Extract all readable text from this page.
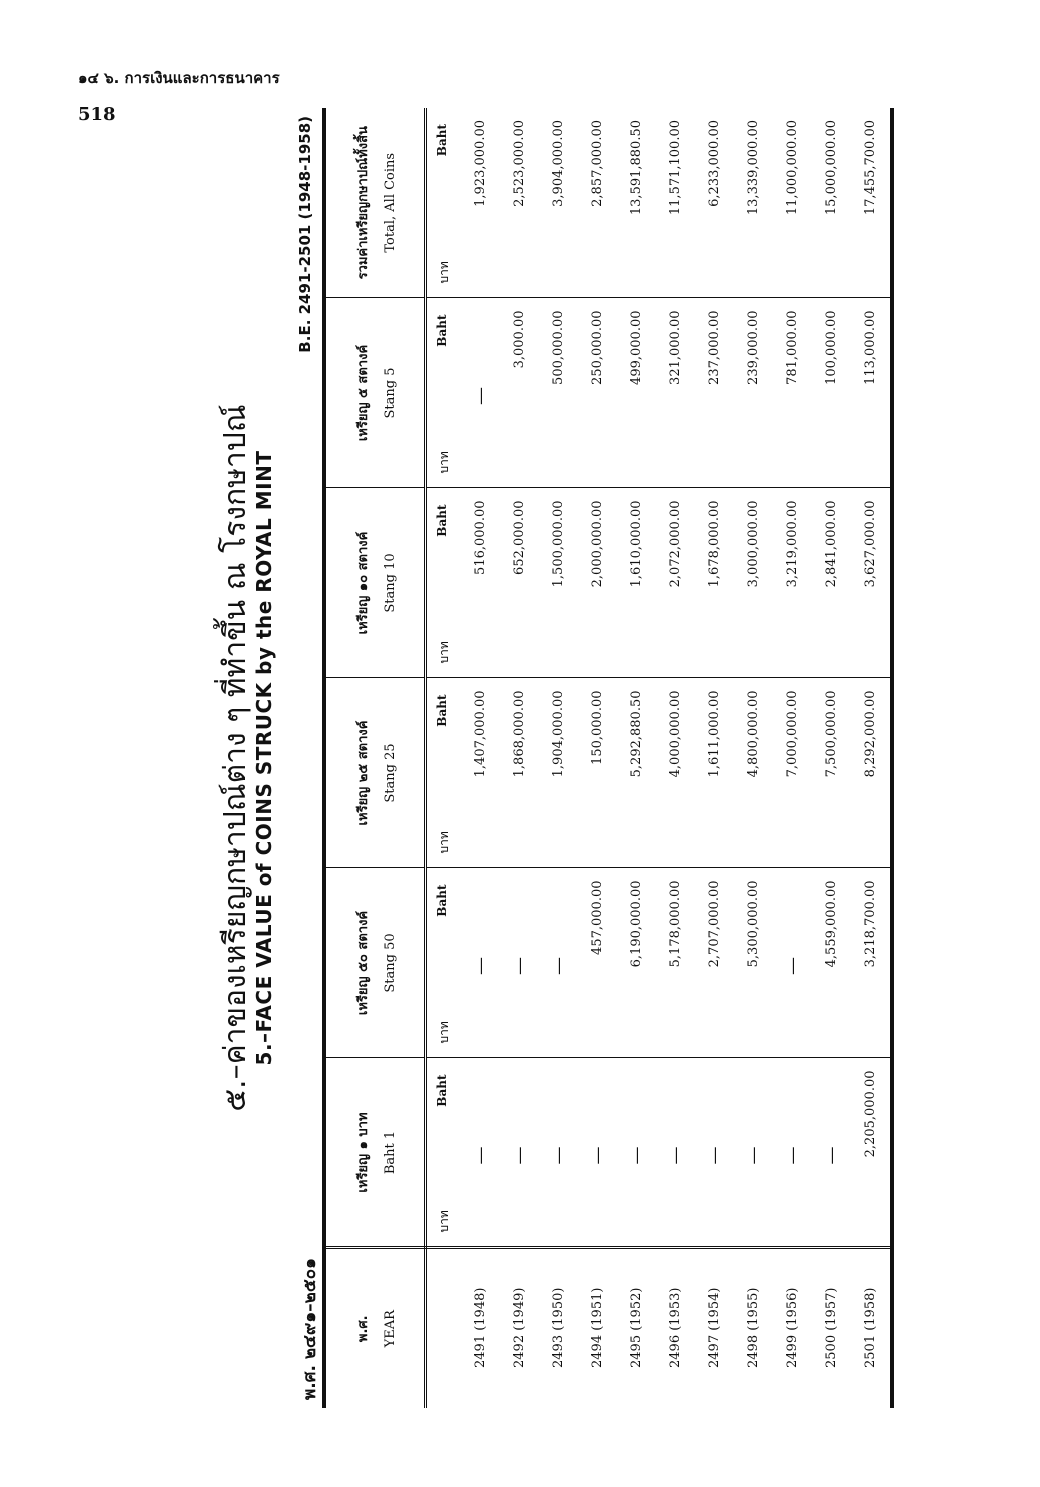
๑๔ ๖. การเงินและการธนาคาร
518
๕.–ค่าของเหรียญกษาปณ์ต่าง ๆ ที่ทำขึ้น ณ โรงกษาปณ์ 5.–FACE VALUE of COINS STRUCK by the ROYAL MINT
พ.ศ. ๒๔๙๑–๒๕๐๑
B.E. 2491-2501 (1948-1958)
พ.ศ. YEAR	เหรียญ ๑ บาท Baht 1	เหรียญ ๕๐ สตางค์ Stang 50	เหรียญ ๒๕ สตางค์ Stang 25	เหรียญ ๑๐ สตางค์ Stang 10	เหรียญ ๕ สตางค์ Stang 5	รวมค่าเหรียญกษาปณ์ทั้งสิ้น Total, All Coins

	บาท
Baht	บาท
Baht	บาท
Baht	บาท
Baht	บาท
Baht	บาท
Baht

2491 (1948)	—	—	1,407,000.00	516,000.00	—	1,923,000.00
2492 (1949)	—	—	1,868,000.00	652,000.00	3,000.00	2,523,000.00
2493 (1950)	—	—	1,904,000.00	1,500,000.00	500,000.00	3,904,000.00
2494 (1951)	—	457,000.00	150,000.00	2,000,000.00	250,000.00	2,857,000.00
2495 (1952)	—	6,190,000.00	5,292,880.50	1,610,000.00	499,000.00	13,591,880.50
2496 (1953)	—	5,178,000.00	4,000,000.00	2,072,000.00	321,000.00	11,571,100.00
2497 (1954)	—	2,707,000.00	1,611,000.00	1,678,000.00	237,000.00	6,233,000.00
2498 (1955)	—	5,300,000.00	4,800,000.00	3,000,000.00	239,000.00	13,339,000.00
2499 (1956)	—	—	7,000,000.00	3,219,000.00	781,000.00	11,000,000.00
2500 (1957)	—	4,559,000.00	7,500,000.00	2,841,000.00	100,000.00	15,000,000.00
2501 (1958)	2,205,000.00	3,218,700.00	8,292,000.00	3,627,000.00	113,000.00	17,455,700.00
